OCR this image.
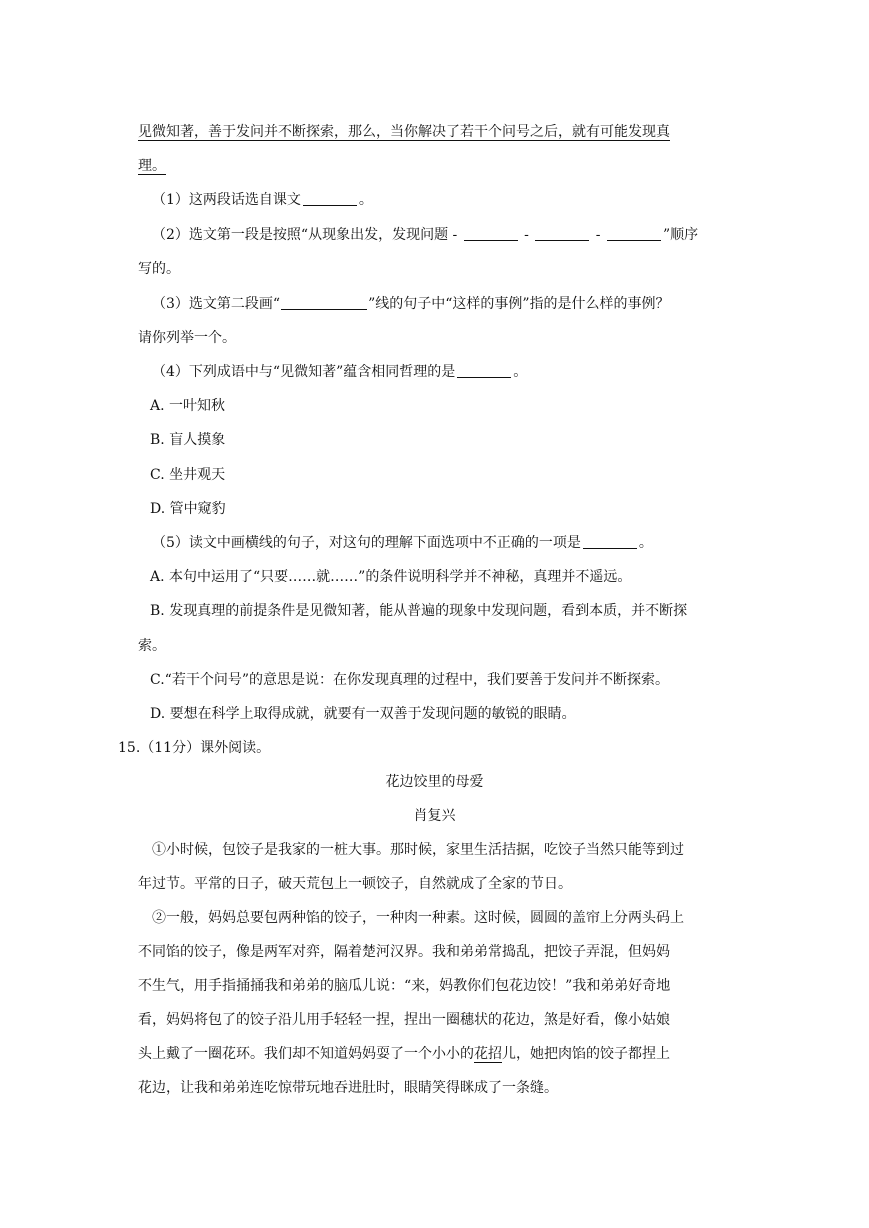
见微知著，善于发问并不断探索，那么，当你解决了若干个问号之后，就有可能发现真
理。
（1）这两段话选自课文	。
（2）选文第一段是按照“从现象出发，发现问题 -	-	-	”顺序
写的。
（3）选文第二段画“	”线的句子中“这样的事例”指的是什么样的事例？
请你列举一个。
（4）下列成语中与“见微知著”蕴含相同哲理的是	。
A. 一叶知秋
B. 盲人摸象
C. 坐井观天
D. 管中窥豹
（5）读文中画横线的句子，对这句的理解下面选项中不正确的一项是	。
A. 本句中运用了“只要……就……”的条件说明科学并不神秘，真理并不遥远。
B. 发现真理的前提条件是见微知著，能从普遍的现象中发现问题，看到本质，并不断探
索。
C.“若干个问号”的意思是说：在你发现真理的过程中，我们要善于发问并不断探索。
D. 要想在科学上取得成就，就要有一双善于发现问题的敏锐的眼睛。
15.（11分）课外阅读。
花边饺里的母爱
肖复兴
①小时候，包饺子是我家的一桩大事。那时候，家里生活拮据，吃饺子当然只能等到过
年过节。平常的日子，破天荒包上一顿饺子，自然就成了全家的节日。
②一般，妈妈总要包两种馅的饺子，一种肉一种素。这时候，圆圆的盖帘上分两头码上
不同馅的饺子，像是两军对弈，隔着楚河汉界。我和弟弟常捣乱，把饺子弄混，但妈妈
不生气，用手指捅捅我和弟弟的脑瓜儿说：“来，妈教你们包花边饺！”我和弟弟好奇地
看，妈妈将包了的饺子沿儿用手轻轻一捏，捏出一圈穗状的花边，煞是好看，像小姑娘
头上戴了一圈花环。我们却不知道妈妈耍了一个小小的花招儿，她把肉馅的饺子都捏上
花边，让我和弟弟连吃惊带玩地吞进肚时，眼睛笑得眯成了一条缝。
